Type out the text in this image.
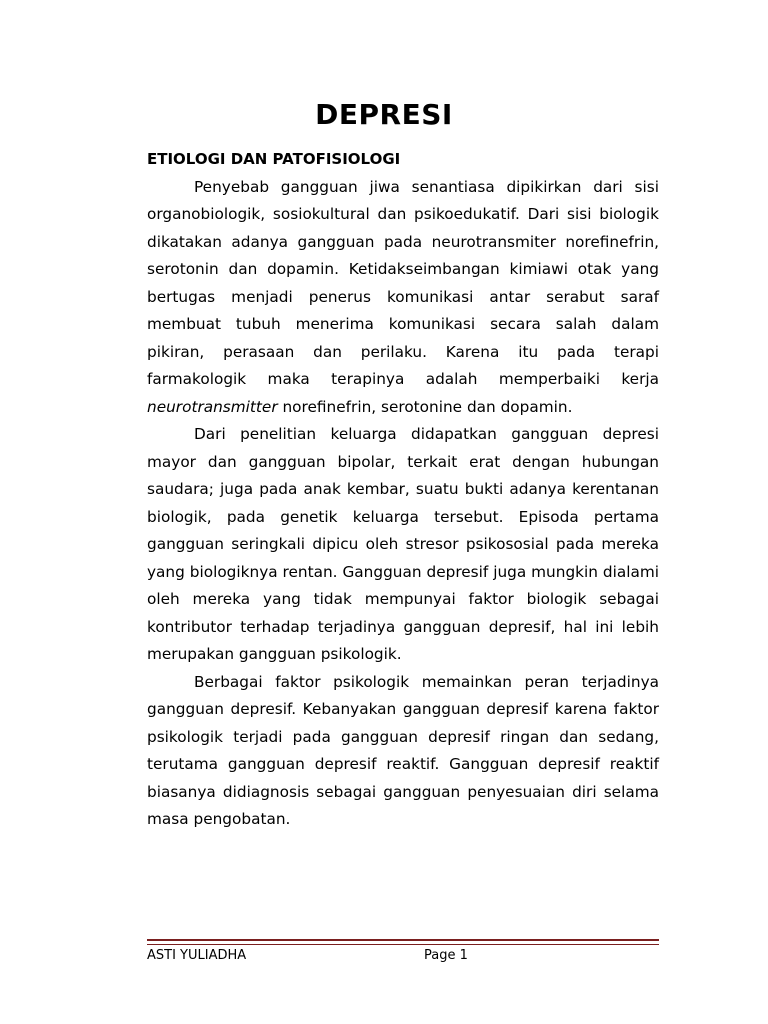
DEPRESI

ETIOLOGI DAN PATOFISIOLOGI

Penyebab gangguan jiwa senantiasa dipikirkan dari sisi organobiologik, sosiokultural dan psikoedukatif. Dari sisi biologik dikatakan adanya gangguan pada neurotransmiter norefinefrin, serotonin dan dopamin. Ketidakseimbangan kimiawi otak yang bertugas menjadi penerus komunikasi antar serabut saraf membuat tubuh menerima komunikasi secara salah dalam pikiran, perasaan dan perilaku. Karena itu pada terapi farmakologik maka terapinya adalah memperbaiki kerja neurotransmitter norefinefrin, serotonine dan dopamin.

Dari penelitian keluarga didapatkan gangguan depresi mayor dan gangguan bipolar, terkait erat dengan hubungan saudara; juga pada anak kembar, suatu bukti adanya kerentanan biologik, pada genetik keluarga tersebut. Episoda pertama gangguan seringkali dipicu oleh stresor psikososial pada mereka yang biologiknya rentan. Gangguan depresif juga mungkin dialami oleh mereka yang tidak mempunyai faktor biologik sebagai kontributor terhadap terjadinya gangguan depresif, hal ini lebih merupakan gangguan psikologik.

Berbagai faktor psikologik memainkan peran terjadinya gangguan depresif. Kebanyakan gangguan depresif karena faktor psikologik terjadi pada gangguan depresif ringan dan sedang, terutama gangguan depresif reaktif. Gangguan depresif reaktif biasanya didiagnosis sebagai gangguan penyesuaian diri selama masa pengobatan.

ASTI YULIADHA	Page 1
